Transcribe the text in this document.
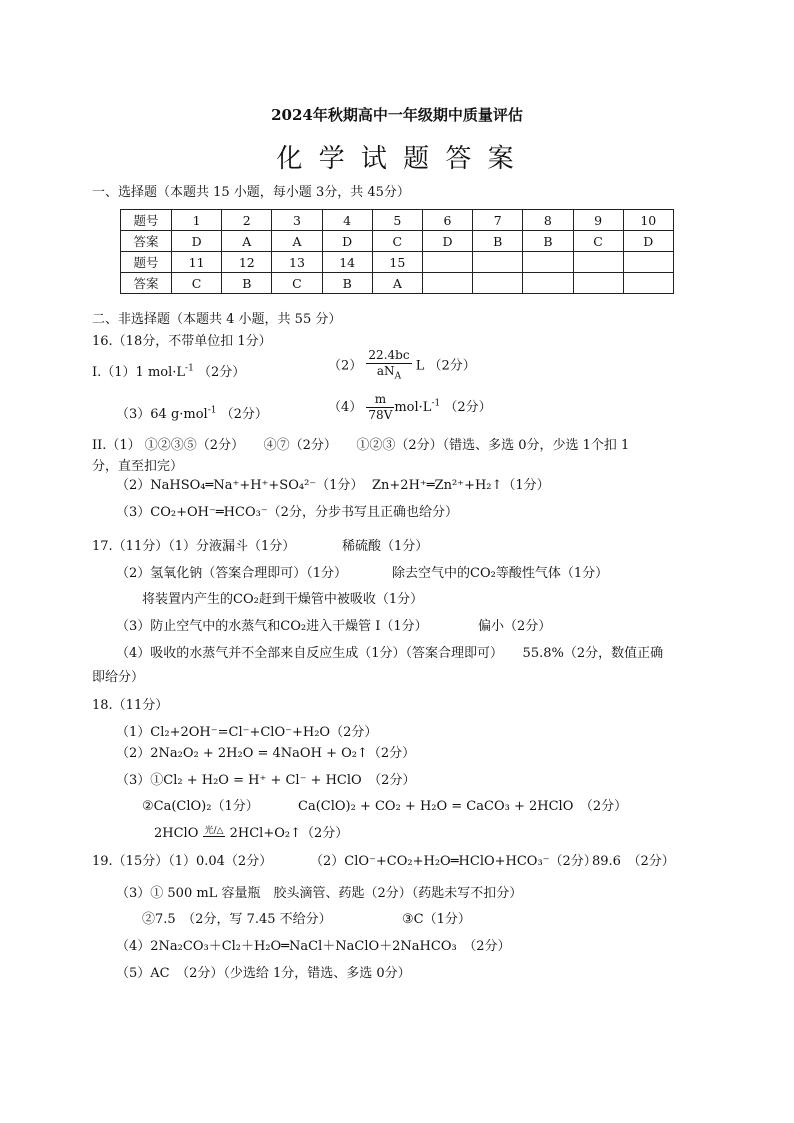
2024年秋期高中一年级期中质量评估
化 学 试 题 答 案
一、选择题（本题共 15 小题，每小题 3分，共 45分）
题号	1	2	3	4	5	6	7	8	9	10
答案	D	A	A	D	C	D	B	B	C	D
题号	11	12	13	14	15					
答案	C	B	C	B	A					
二、非选择题（本题共 4 小题，共 55 分）
16.（18分，不带单位扣 1分）
I.（1）1 $mol\cdot L^{-1}$ （2分）	$(2) \frac{22.4bc}{aN_A}$ L （2分）
（3）64 g·mol$^{-1}$ （2分）	$(4) \frac{m}{78V} mol\cdot L^{-1}$ （2分）
II.（1） ①②③⑤（2分）　　④⑦（2分）　　①②③（2分）（错选、多选 0分，少选 1个扣 1
分，直至扣完）
（2）NaHSO₄═Na⁺+H⁺+SO₄²⁻（1分） Zn+2H⁺═Zn²⁺+H₂↑（1分）
（3）CO₂+OH⁻═HCO₃⁻（2分，分步书写且正确也给分）
17.（11分）（1）分液漏斗（1分）	稀硫酸（1分）
（2）氢氧化钠（答案合理即可）（1分）	除去空气中的CO₂等酸性气体（1分）
将装置内产生的CO₂赶到干燥管中被吸收（1分）
（3）防止空气中的水蒸气和CO₂进入干燥管 I（1分）	偏小（2分）
（4）吸收的水蒸气并不全部来自反应生成（1分）（答案合理即可）　　55.8%（2分，数值正确
即给分）
18.（11分）
（1）Cl₂+2OH⁻=Cl⁻+ClO⁻+H₂O（2分）
（2）2Na₂O₂ + 2H₂O = 4NaOH + O₂↑（2分）
（3）①Cl₂ + H₂O = H⁺ + Cl⁻ + HClO　（2分）
②Ca(ClO)₂（1分）	Ca(ClO)₂ + CO₂ + H₂O = CaCO₃ + 2HClO　（2分）
2HClO 光/△ 2HCl+O₂↑（2分）
19.（15分）（1）0.04（2分）	（2）ClO⁻+CO₂+H₂O═HClO+HCO₃⁻（2分）
89.6　（2分）
（3）① 500 mL 容量瓶　胶头滴管、药匙（2分）（药匙未写不扣分）
②7.5　（2分，写 7.45 不给分）	③C（1分）
（4）2Na₂CO₃＋Cl₂＋H₂O═NaCl＋NaClO＋2NaHCO₃　（2分）
（5）AC　（2分）（少选给 1分，错选、多选 0分）
